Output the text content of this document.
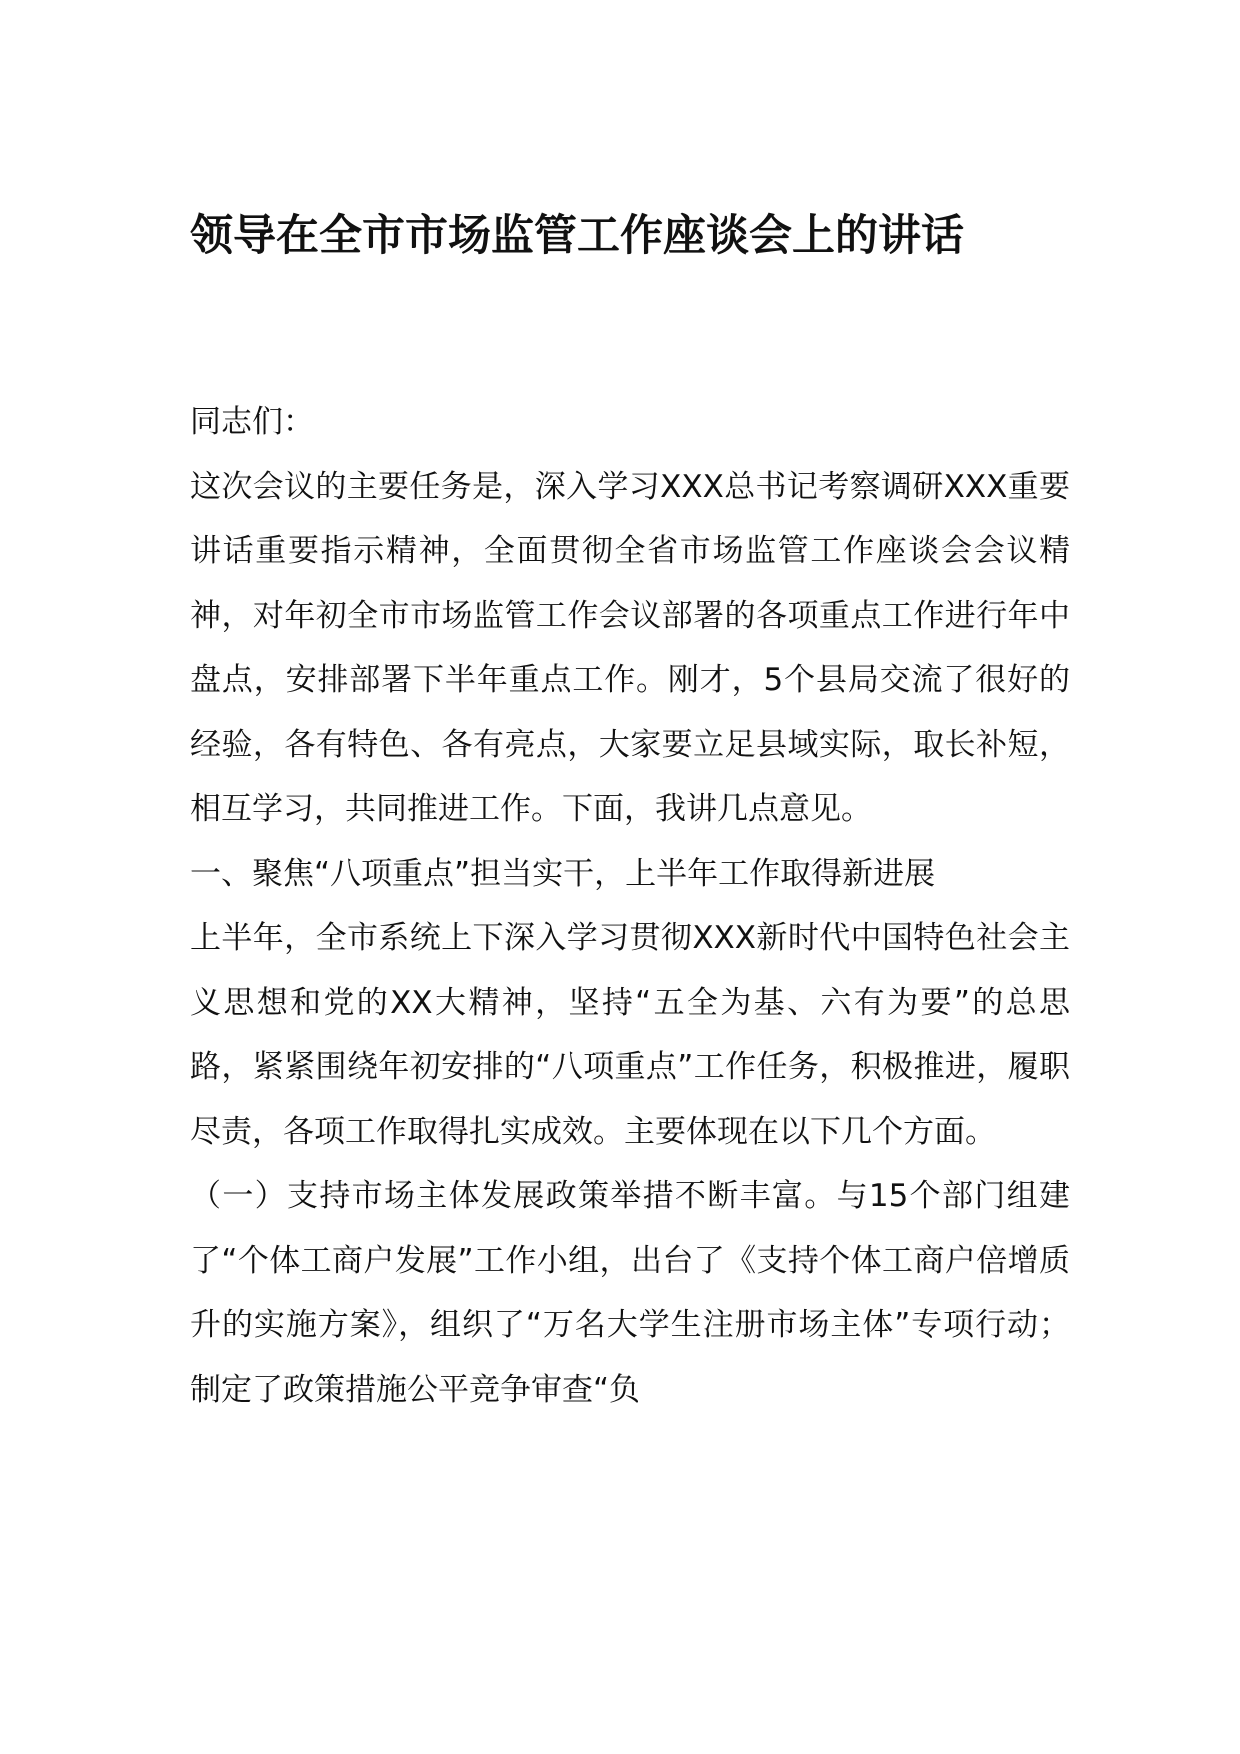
领导在全市市场监管工作座谈会上的讲话

同志们：

这次会议的主要任务是，深入学习XXX总书记考察调研XXX重要讲话重要指示精神，全面贯彻全省市场监管工作座谈会会议精神，对年初全市市场监管工作会议部署的各项重点工作进行年中盘点，安排部署下半年重点工作。刚才，5个县局交流了很好的经验，各有特色、各有亮点，大家要立足县域实际，取长补短，相互学习，共同推进工作。下面，我讲几点意见。

一、聚焦“八项重点”担当实干，上半年工作取得新进展

上半年，全市系统上下深入学习贯彻XXX新时代中国特色社会主义思想和党的XX大精神，坚持“五全为基、六有为要”的总思路，紧紧围绕年初安排的“八项重点”工作任务，积极推进，履职尽责，各项工作取得扎实成效。主要体现在以下几个方面。

（一）支持市场主体发展政策举措不断丰富。与15个部门组建了“个体工商户发展”工作小组，出台了《支持个体工商户倍增质升的实施方案》，组织了“万名大学生注册市场主体”专项行动；制定了政策措施公平竞争审查“负
